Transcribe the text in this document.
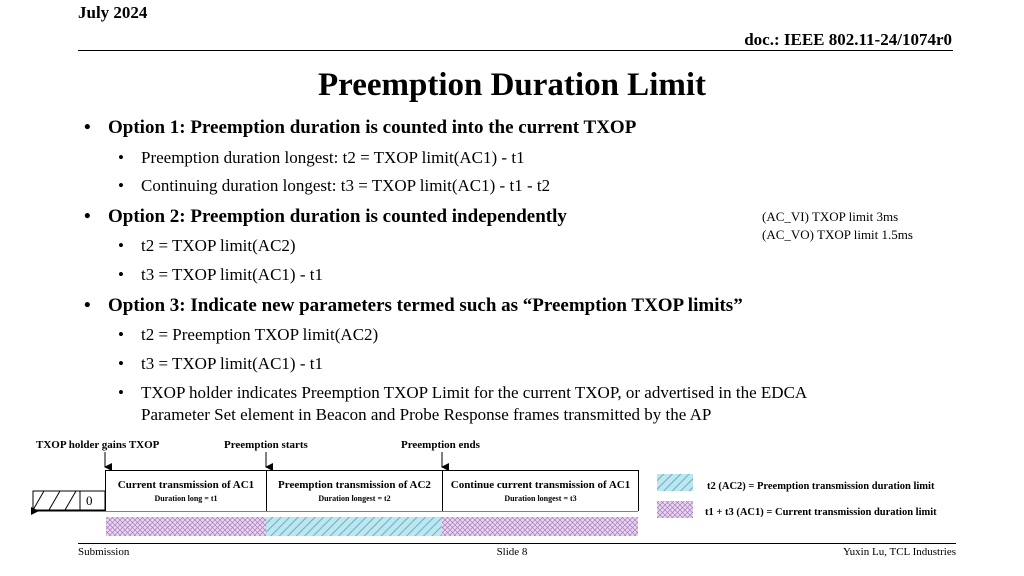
July 2024
doc.: IEEE 802.11-24/1074r0
Preemption Duration Limit
• Option 1: Preemption duration is counted into the current TXOP
• Preemption duration longest: t2 = TXOP limit(AC1) - t1
• Continuing duration longest: t3 = TXOP limit(AC1) - t1 - t2
• Option 2: Preemption duration is counted independently
• t2 = TXOP limit(AC2)
• t3 = TXOP limit(AC1) - t1
(AC_VI) TXOP limit 3ms
(AC_VO) TXOP limit 1.5ms
• Option 3: Indicate new parameters termed such as “Preemption TXOP limits”
• t2 = Preemption TXOP limit(AC2)
• t3 = TXOP limit(AC1) - t1
• TXOP holder indicates Preemption TXOP Limit for the current TXOP, or advertised in the EDCA
Parameter Set element in Beacon and Probe Response frames transmitted by the AP
TXOP holder gains TXOP	Preemption starts	Preemption ends
0
Current transmission of AC1
Duration long = t1
Preemption transmission of AC2
Duration longest = t2
Continue current transmission of AC1
Duration longest = t3
t2 (AC2) = Preemption transmission duration limit
t1 + t3 (AC1) = Current transmission duration limit
Submission	Slide 8	Yuxin Lu, TCL Industries
